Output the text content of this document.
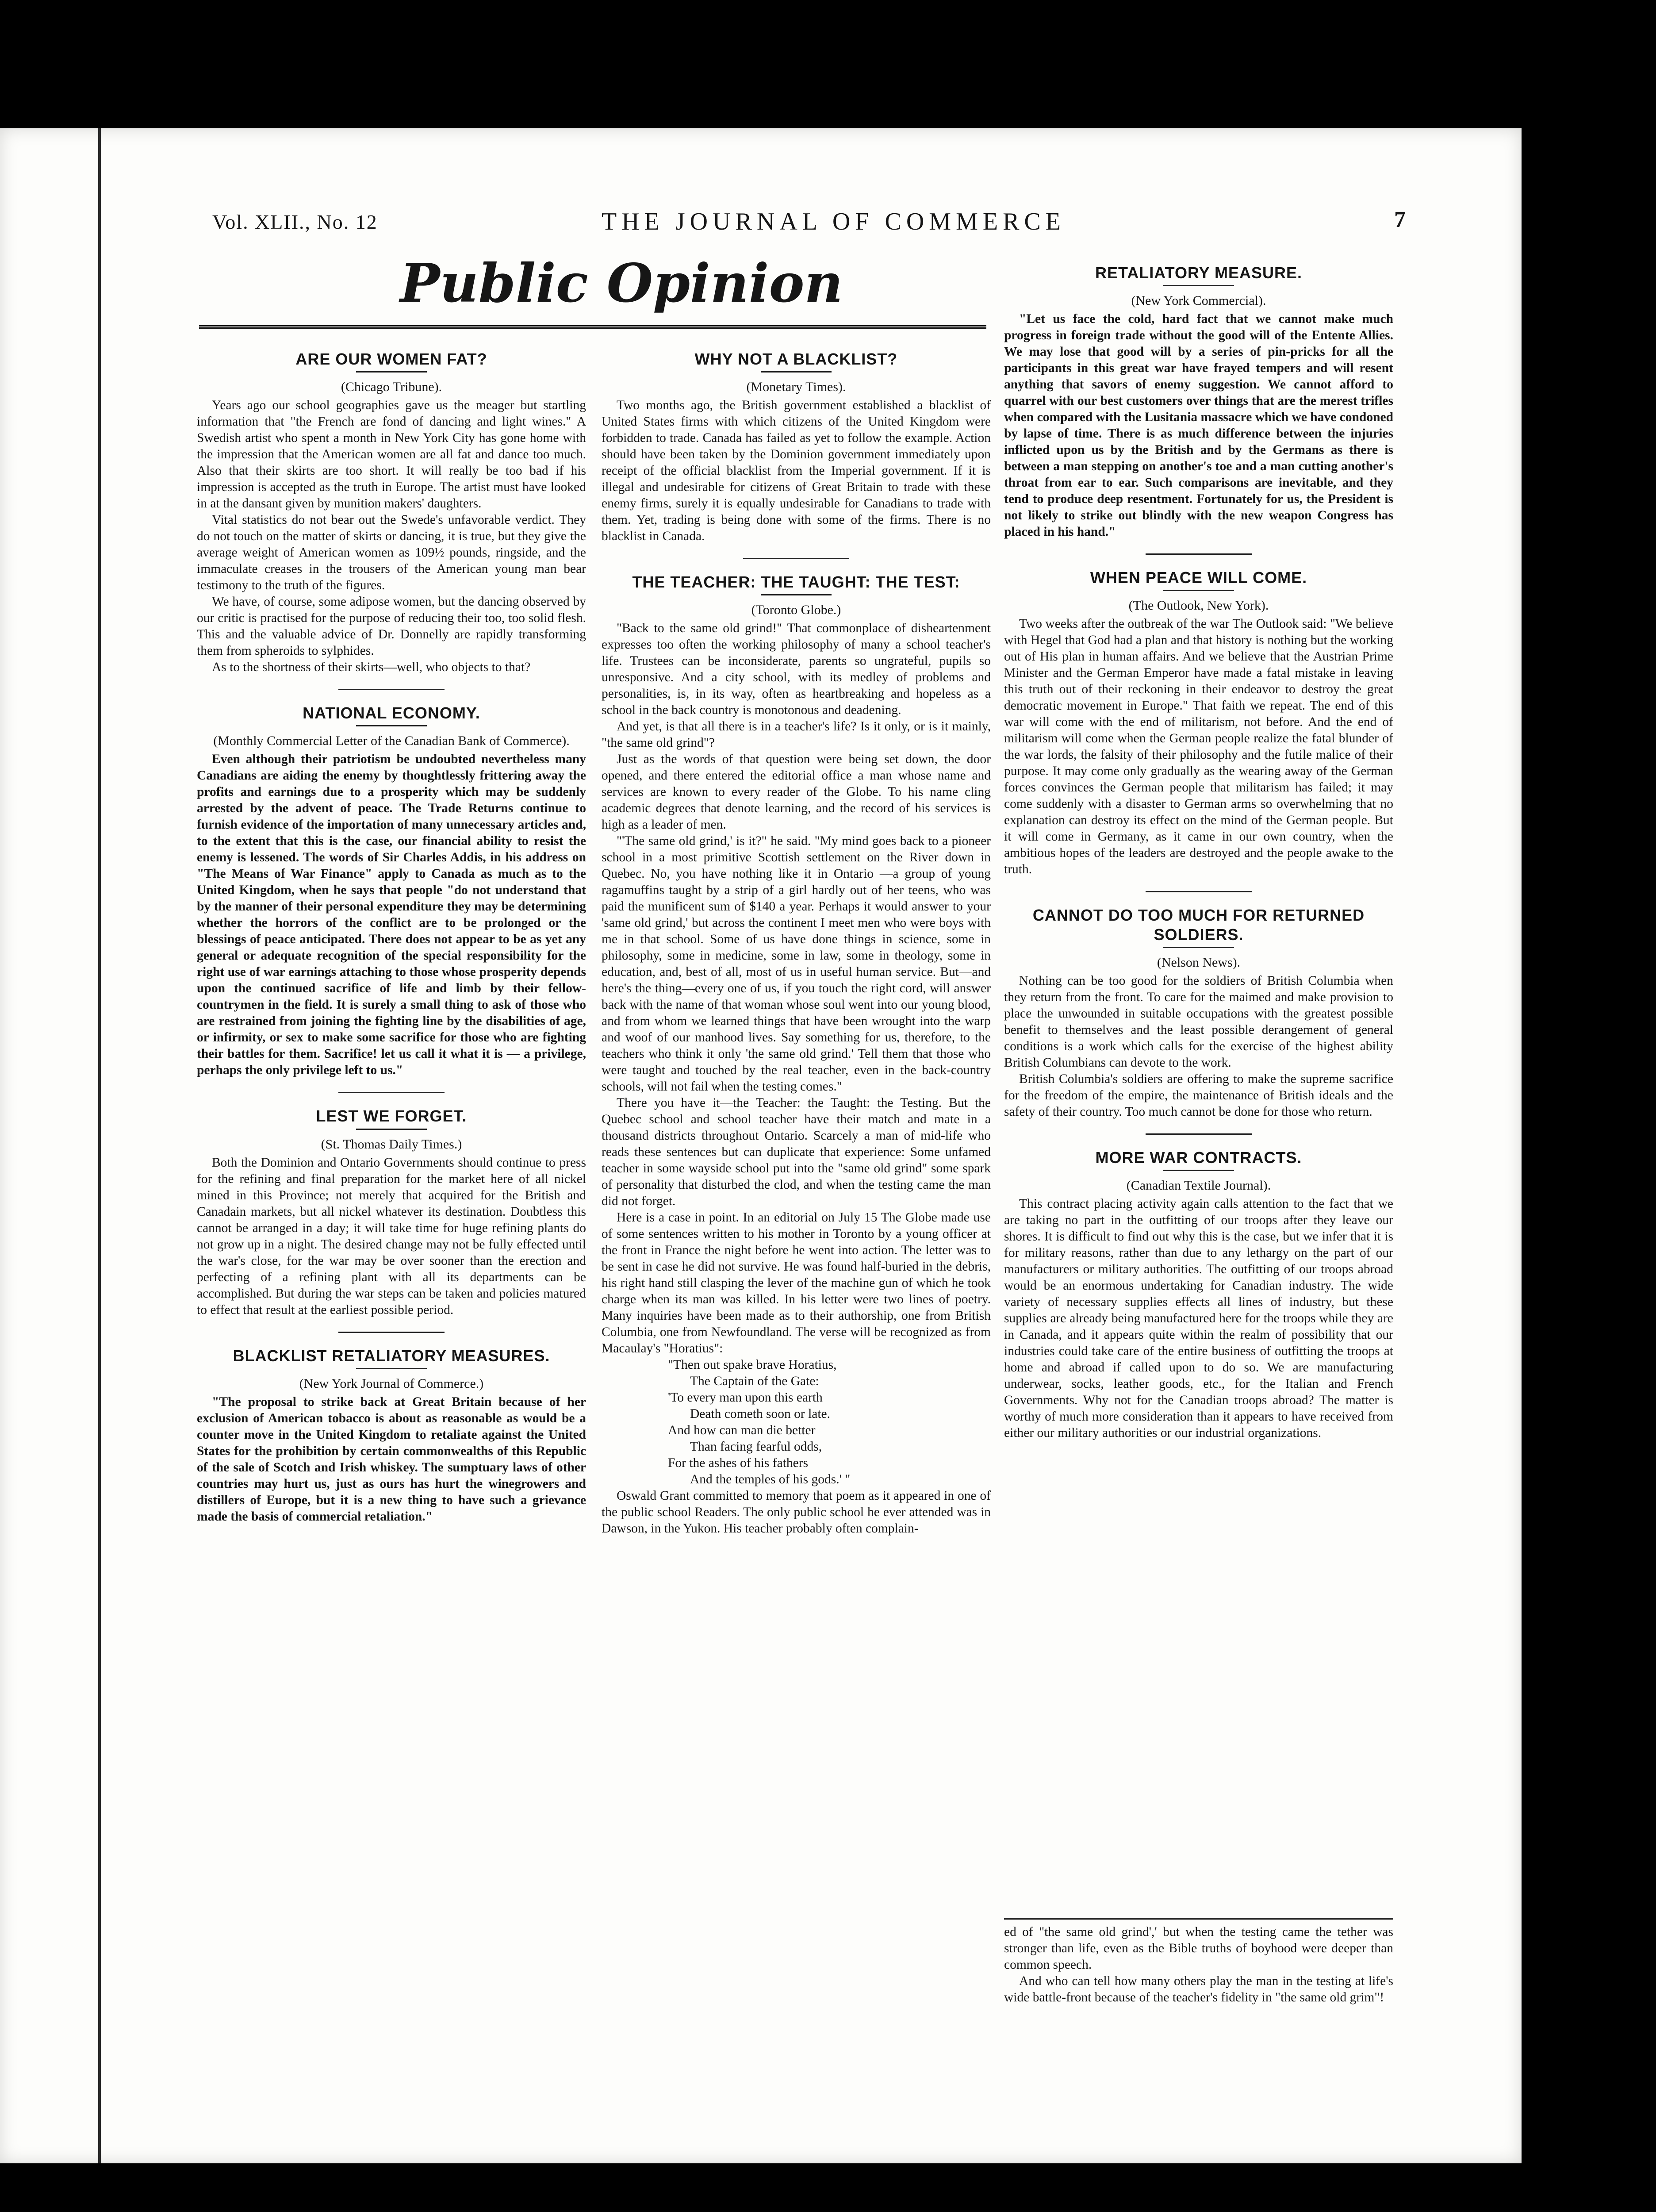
Vol. XLII., No. 12	THE JOURNAL OF COMMERCE	7
Public Opinion
ARE OUR WOMEN FAT?
(Chicago Tribune).

Years ago our school geographies gave us the meager but startling information that "the French are fond of dancing and light wines." A Swedish artist who spent a month in New York City has gone home with the impression that the American women are all fat and dance too much. Also that their skirts are too short. It will really be too bad if his impression is accepted as the truth in Europe. The artist must have looked in at the dansant given by munition makers' daughters.

Vital statistics do not bear out the Swede's unfavorable verdict. They do not touch on the matter of skirts or dancing, it is true, but they give the average weight of American women as 109½ pounds, ringside, and the immaculate creases in the trousers of the American young man bear testimony to the truth of the figures.

We have, of course, some adipose women, but the dancing observed by our critic is practised for the purpose of reducing their too, too solid flesh. This and the valuable advice of Dr. Donnelly are rapidly transforming them from spheroids to sylphides.

As to the shortness of their skirts—well, who objects to that?

NATIONAL ECONOMY.
(Monthly Commercial Letter of the Canadian Bank of Commerce).

Even although their patriotism be undoubted nevertheless many Canadians are aiding the enemy by thoughtlessly frittering away the profits and earnings due to a prosperity which may be suddenly arrested by the advent of peace. The Trade Returns continue to furnish evidence of the importation of many unnecessary articles and, to the extent that this is the case, our financial ability to resist the enemy is lessened. The words of Sir Charles Addis, in his address on "The Means of War Finance" apply to Canada as much as to the United Kingdom, when he says that people "do not understand that by the manner of their personal expenditure they may be determining whether the horrors of the conflict are to be prolonged or the blessings of peace anticipated. There does not appear to be as yet any general or adequate recognition of the special responsibility for the right use of war earnings attaching to those whose prosperity depends upon the continued sacrifice of life and limb by their fellow-countrymen in the field. It is surely a small thing to ask of those who are restrained from joining the fighting line by the disabilities of age, or infirmity, or sex to make some sacrifice for those who are fighting their battles for them. Sacrifice! let us call it what it is — a privilege, perhaps the only privilege left to us."

LEST WE FORGET.
(St. Thomas Daily Times.)

Both the Dominion and Ontario Governments should continue to press for the refining and final preparation for the market here of all nickel mined in this Province; not merely that acquired for the British and Canadain markets, but all nickel whatever its destination. Doubtless this cannot be arranged in a day; it will take time for huge refining plants do not grow up in a night. The desired change may not be fully effected until the war's close, for the war may be over sooner than the erection and perfecting of a refining plant with all its departments can be accomplished. But during the war steps can be taken and policies matured to effect that result at the earliest possible period.

BLACKLIST RETALIATORY MEASURES.
(New York Journal of Commerce.)

"The proposal to strike back at Great Britain because of her exclusion of American tobacco is about as reasonable as would be a counter move in the United Kingdom to retaliate against the United States for the prohibition by certain commonwealths of this Republic of the sale of Scotch and Irish whiskey. The sumptuary laws of other countries may hurt us, just as ours has hurt the winegrowers and distillers of Europe, but it is a new thing to have such a grievance made the basis of commercial retaliation."

WHY NOT A BLACKLIST?
(Monetary Times).

Two months ago, the British government established a blacklist of United States firms with which citizens of the United Kingdom were forbidden to trade. Canada has failed as yet to follow the example. Action should have been taken by the Dominion government immediately upon receipt of the official blacklist from the Imperial government. If it is illegal and undesirable for citizens of Great Britain to trade with these enemy firms, surely it is equally undesirable for Canadians to trade with them. Yet, trading is being done with some of the firms. There is no blacklist in Canada.

THE TEACHER: THE TAUGHT: THE TEST:
(Toronto Globe.)

"Back to the same old grind!" That commonplace of disheartenment expresses too often the working philosophy of many a school teacher's life. Trustees can be inconsiderate, parents so ungrateful, pupils so unresponsive. And a city school, with its medley of problems and personalities, is, in its way, often as heartbreaking and hopeless as a school in the back country is monotonous and deadening.

And yet, is that all there is in a teacher's life? Is it only, or is it mainly, "the same old grind"?

Just as the words of that question were being set down, the door opened, and there entered the editorial office a man whose name and services are known to every reader of the Globe. To his name cling academic degrees that denote learning, and the record of his services is high as a leader of men.

"'The same old grind,' is it?" he said. "My mind goes back to a pioneer school in a most primitive Scottish settlement on the River down in Quebec. No, you have nothing like it in Ontario —a group of young ragamuffins taught by a strip of a girl hardly out of her teens, who was paid the munificent sum of $140 a year. Perhaps it would answer to your 'same old grind,' but across the continent I meet men who were boys with me in that school. Some of us have done things in science, some in philosophy, some in medicine, some in law, some in theology, some in education, and, best of all, most of us in useful human service. But—and here's the thing—every one of us, if you touch the right cord, will answer back with the name of that woman whose soul went into our young blood, and from whom we learned things that have been wrought into the warp and woof of our manhood lives. Say something for us, therefore, to the teachers who think it only 'the same old grind.' Tell them that those who were taught and touched by the real teacher, even in the back-country schools, will not fail when the testing comes."

There you have it—the Teacher: the Taught: the Testing. But the Quebec school and school teacher have their match and mate in a thousand districts throughout Ontario. Scarcely a man of mid-life who reads these sentences but can duplicate that experience: Some unfamed teacher in some wayside school put into the "same old grind" some spark of personality that disturbed the clod, and when the testing came the man did not forget.

Here is a case in point. In an editorial on July 15 The Globe made use of some sentences written to his mother in Toronto by a young officer at the front in France the night before he went into action. The letter was to be sent in case he did not survive. He was found half-buried in the debris, his right hand still clasping the lever of the machine gun of which he took charge when its man was killed. In his letter were two lines of poetry. Many inquiries have been made as to their authorship, one from British Columbia, one from Newfoundland. The verse will be recognized as from Macaulay's "Horatius":

"Then out spake brave Horatius,
The Captain of the Gate:
'To every man upon this earth
Death cometh soon or late.
And how can man die better
Than facing fearful odds,
For the ashes of his fathers
And the temples of his gods.' "

Oswald Grant committed to memory that poem as it appeared in one of the public school Readers. The only public school he ever attended was in Dawson, in the Yukon. His teacher probably often complain-

RETALIATORY MEASURE.
(New York Commercial).

"Let us face the cold, hard fact that we cannot make much progress in foreign trade without the good will of the Entente Allies. We may lose that good will by a series of pin-pricks for all the participants in this great war have frayed tempers and will resent anything that savors of enemy suggestion. We cannot afford to quarrel with our best customers over things that are the merest trifles when compared with the Lusitania massacre which we have condoned by lapse of time. There is as much difference between the injuries inflicted upon us by the British and by the Germans as there is between a man stepping on another's toe and a man cutting another's throat from ear to ear. Such comparisons are inevitable, and they tend to produce deep resentment. Fortunately for us, the President is not likely to strike out blindly with the new weapon Congress has placed in his hand."

WHEN PEACE WILL COME.
(The Outlook, New York).

Two weeks after the outbreak of the war The Outlook said: "We believe with Hegel that God had a plan and that history is nothing but the working out of His plan in human affairs. And we believe that the Austrian Prime Minister and the German Emperor have made a fatal mistake in leaving this truth out of their reckoning in their endeavor to destroy the great democratic movement in Europe." That faith we repeat. The end of this war will come with the end of militarism, not before. And the end of militarism will come when the German people realize the fatal blunder of the war lords, the falsity of their philosophy and the futile malice of their purpose. It may come only gradually as the wearing away of the German forces convinces the German people that militarism has failed; it may come suddenly with a disaster to German arms so overwhelming that no explanation can destroy its effect on the mind of the German people. But it will come in Germany, as it came in our own country, when the ambitious hopes of the leaders are destroyed and the people awake to the truth.

CANNOT DO TOO MUCH FOR RETURNED SOLDIERS.
(Nelson News).

Nothing can be too good for the soldiers of British Columbia when they return from the front. To care for the maimed and make provision to place the unwounded in suitable occupations with the greatest possible benefit to themselves and the least possible derangement of general conditions is a work which calls for the exercise of the highest ability British Columbians can devote to the work.

British Columbia's soldiers are offering to make the supreme sacrifice for the freedom of the empire, the maintenance of British ideals and the safety of their country. Too much cannot be done for those who return.

MORE WAR CONTRACTS.
(Canadian Textile Journal).

This contract placing activity again calls attention to the fact that we are taking no part in the outfitting of our troops after they leave our shores. It is difficult to find out why this is the case, but we infer that it is for military reasons, rather than due to any lethargy on the part of our manufacturers or military authorities. The outfitting of our troops abroad would be an enormous undertaking for Canadian industry. The wide variety of necessary supplies effects all lines of industry, but these supplies are already being manufactured here for the troops while they are in Canada, and it appears quite within the realm of possibility that our industries could take care of the entire business of outfitting the troops at home and abroad if called upon to do so. We are manufacturing underwear, socks, leather goods, etc., for the Italian and French Governments. Why not for the Canadian troops abroad? The matter is worthy of much more consideration than it appears to have received from either our military authorities or our industrial organizations.

ed of "the same old grind',' but when the testing came the tether was stronger than life, even as the Bible truths of boyhood were deeper than common speech.

And who can tell how many others play the man in the testing at life's wide battle-front because of the teacher's fidelity in "the same old grim"!
